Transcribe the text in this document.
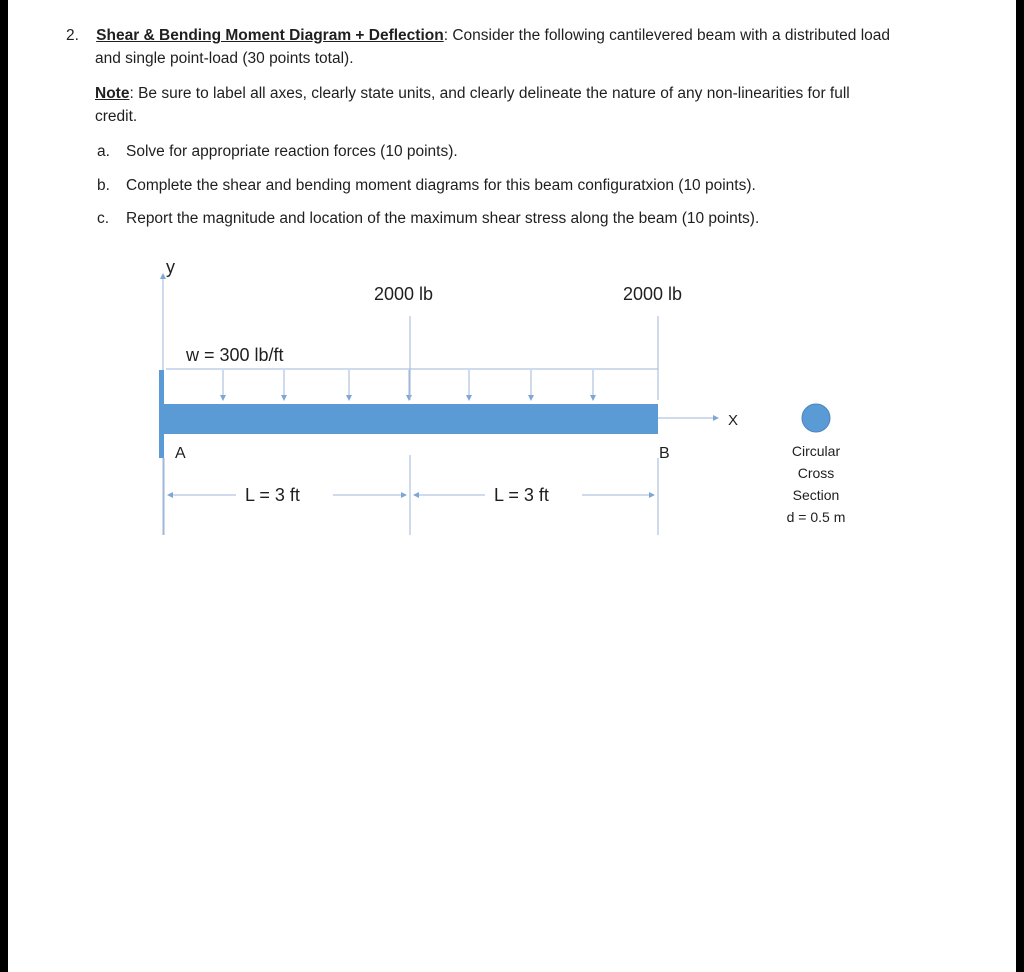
2. Shear & Bending Moment Diagram + Deflection: Consider the following cantilevered beam with a distributed load
and single point-load (30 points total).
Note: Be sure to label all axes, clearly state units, and clearly delineate the nature of any non-linearities for full
credit.
a. Solve for appropriate reaction forces (10 points).
b. Complete the shear and bending moment diagrams for this beam configuratxion (10 points).
c. Report the magnitude and location of the maximum shear stress along the beam (10 points).
y
w = 300 lb/ft
2000 lb	2000 lb
X
A	B
L = 3 ft	L = 3 ft
Circular
Cross
Section
d = 0.5 m
